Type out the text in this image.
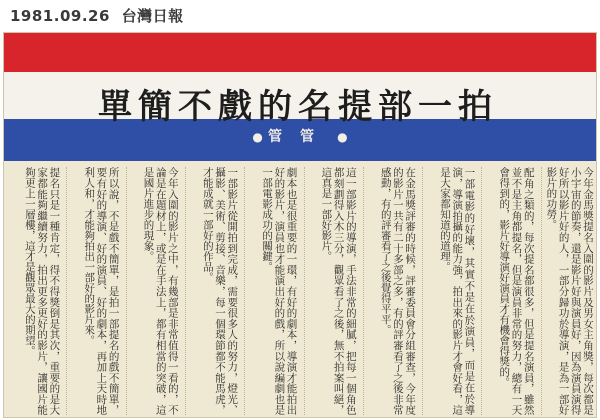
1981.09.26 台灣日報
單簡不戲的名提部一拍
● 管管 ●
今年金馬獎提名入圍的影片及男女主角獎，每次都是小宇宙的節奏，還是影片好與演員好，因為演員演得好所以影片好的人，一部分歸功於導演，是為一部好影片的功勞。
配角之類的，每次提名都很多，但是提名演員，雖然並不是主角都提名，但是演員非常的努力，總有一天會得到的，影片好導演好演員才有機會得獎的。
一部電影的好壞，其實不是在於演員，而是在於導演，導演拍攝的能力強，拍出來的影片才會好看，這是大家都知道的道理。
在金馬獎評審的時候，評審委員會分組審查，今年度的影片一共有二十多部之多，有的評審看了之後非常感動，有的評審看了之後覺得平平。
這一部影片的導演，手法非常的細膩，把每一個角色都刻劃得入木三分，觀眾看了之後，無不拍案叫絕，這真是一部好影片。
劇本也是很重要的一環，有好的劇本，導演才能拍出好的影片，演員也才能演出好的戲，所以說編劇也是一部電影成功的關鍵。
一部影片從開拍到完成，需要很多人的努力，燈光、攝影、美術、剪接、音樂，每一個環節都不能馬虎，才能成就一部好的作品。
今年入圍的影片之中，有幾部是非常值得一看的，不論是在題材上，或是在手法上，都有相當的突破，這是國片進步的現象。
所以說，不是戲不簡單，是拍一部提名的戲不簡單，要有好的導演、好的演員、好的劇本，再加上天時地利人和，才能夠拍出一部好的影片來。
提名只是一種肯定，得不得獎倒是其次，重要的是大家都能夠繼續努力，拍出更多更好的影片，讓國片能夠更上一層樓，這才是觀眾最大的期望。
